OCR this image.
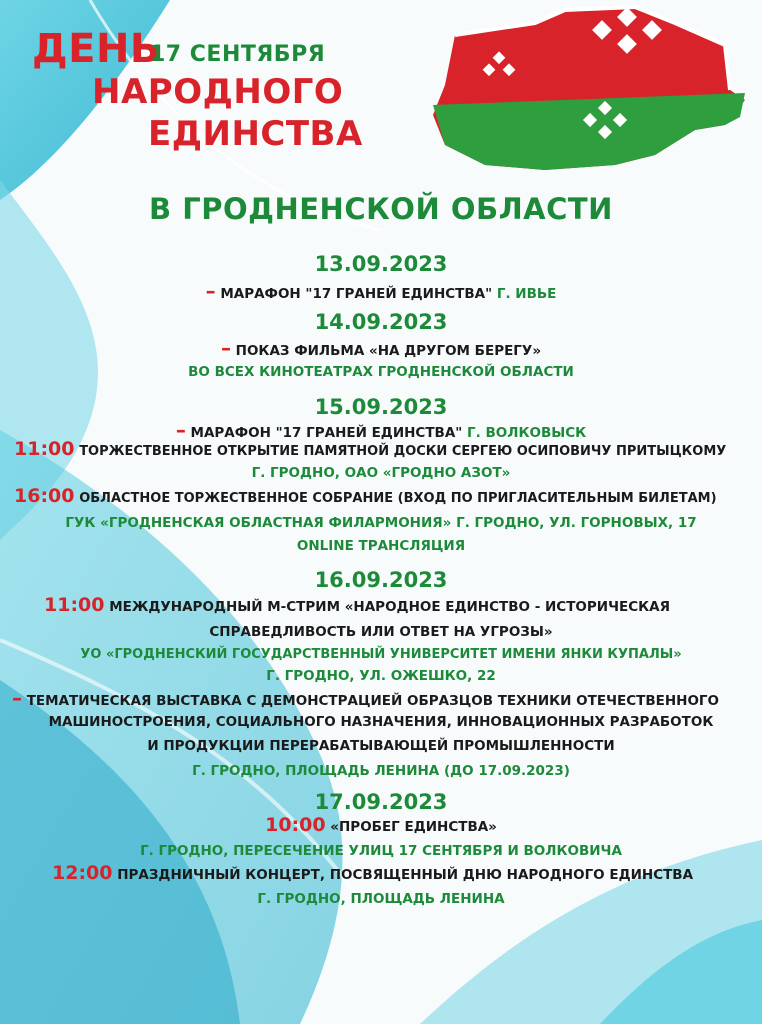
ДЕНЬ
17 СЕНТЯБРЯ
НАРОДНОГО
ЕДИНСТВА
В ГРОДНЕНСКОЙ ОБЛАСТИ
13.09.2023
– МАРАФОН "17 ГРАНЕЙ ЕДИНСТВА" Г. ИВЬЕ
14.09.2023
– ПОКАЗ ФИЛЬМА «НА ДРУГОМ БЕРЕГУ»
ВО ВСЕХ КИНОТЕАТРАХ ГРОДНЕНСКОЙ ОБЛАСТИ
15.09.2023
– МАРАФОН "17 ГРАНЕЙ ЕДИНСТВА" Г. ВОЛКОВЫСК
11:00 ТОРЖЕСТВЕННОЕ ОТКРЫТИЕ ПАМЯТНОЙ ДОСКИ СЕРГЕЮ ОСИПОВИЧУ ПРИТЫЦКОМУ
Г. ГРОДНО, ОАО «ГРОДНО АЗОТ»
16:00 ОБЛАСТНОЕ ТОРЖЕСТВЕННОЕ СОБРАНИЕ (ВХОД ПО ПРИГЛАСИТЕЛЬНЫМ БИЛЕТАМ)
ГУК «ГРОДНЕНСКАЯ ОБЛАСТНАЯ ФИЛАРМОНИЯ» Г. ГРОДНО, УЛ. ГОРНОВЫХ, 17
ONLINE ТРАНСЛЯЦИЯ
16.09.2023
11:00 МЕЖДУНАРОДНЫЙ М-СТРИМ «НАРОДНОЕ ЕДИНСТВО - ИСТОРИЧЕСКАЯ
СПРАВЕДЛИВОСТЬ ИЛИ ОТВЕТ НА УГРОЗЫ»
УО «ГРОДНЕНСКИЙ ГОСУДАРСТВЕННЫЙ УНИВЕРСИТЕТ ИМЕНИ ЯНКИ КУПАЛЫ»
Г. ГРОДНО, УЛ. ОЖЕШКО, 22
– ТЕМАТИЧЕСКАЯ ВЫСТАВКА С ДЕМОНСТРАЦИЕЙ ОБРАЗЦОВ ТЕХНИКИ ОТЕЧЕСТВЕННОГО
МАШИНОСТРОЕНИЯ, СОЦИАЛЬНОГО НАЗНАЧЕНИЯ, ИННОВАЦИОННЫХ РАЗРАБОТОК
И ПРОДУКЦИИ ПЕРЕРАБАТЫВАЮЩЕЙ ПРОМЫШЛЕННОСТИ
Г. ГРОДНО, ПЛОЩАДЬ ЛЕНИНА (ДО 17.09.2023)
17.09.2023
10:00 «ПРОБЕГ ЕДИНСТВА»
Г. ГРОДНО, ПЕРЕСЕЧЕНИЕ УЛИЦ 17 СЕНТЯБРЯ И ВОЛКОВИЧА
12:00 ПРАЗДНИЧНЫЙ КОНЦЕРТ, ПОСВЯЩЕННЫЙ ДНЮ НАРОДНОГО ЕДИНСТВА
Г. ГРОДНО, ПЛОЩАДЬ ЛЕНИНА
